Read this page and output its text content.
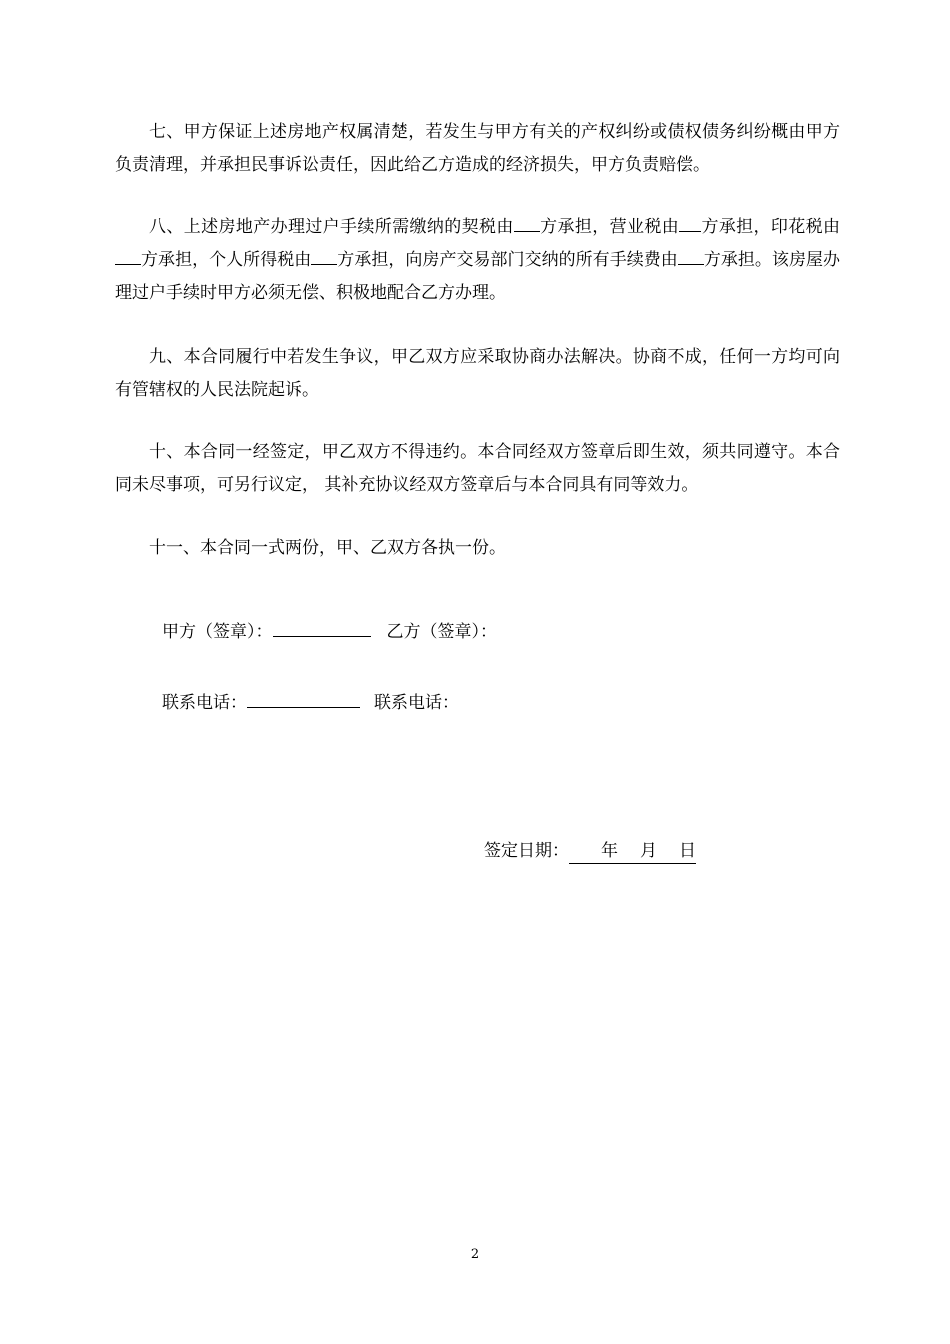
七、甲方保证上述房地产权属清楚，若发生与甲方有关的产权纠纷或债权债务纠纷概由甲方负责清理，并承担民事诉讼责任，因此给乙方造成的经济损失，甲方负责赔偿。

八、上述房地产办理过户手续所需缴纳的契税由 方承担，营业税由 方承担，印花税由方承担，个人所得税由 方承担，向房产交易部门交纳的所有手续费由 方承担。该房屋办理过户手续时甲方必须无偿、积极地配合乙方办理。

九、本合同履行中若发生争议，甲乙双方应采取协商办法解决。协商不成，任何一方均可向有管辖权的人民法院起诉。

十、本合同一经签定，甲乙双方不得违约。本合同经双方签章后即生效，须共同遵守。本合同未尽事项，可另行议定， 其补充协议经双方签章后与本合同具有同等效力。

十一、本合同一式两份，甲、乙双方各执一份。

甲方（签章）：	乙方（签章）：
联系电话：	联系电话：
签定日期： 年 月 日
2
